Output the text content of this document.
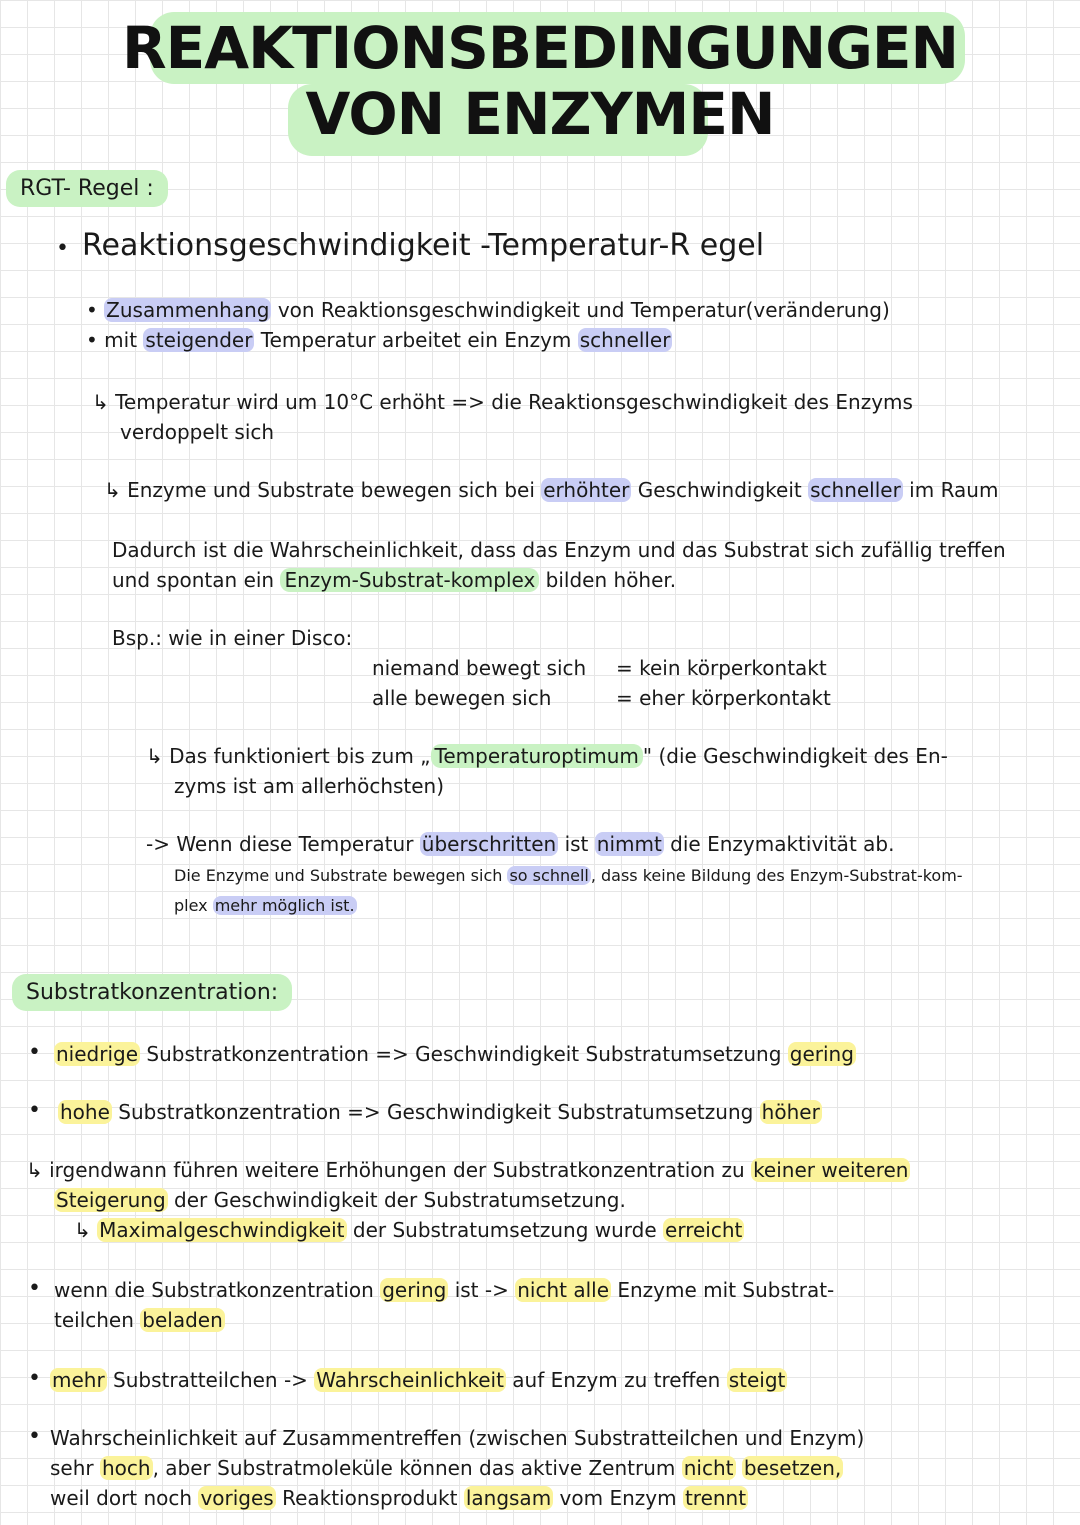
REAKTIONSBEDINGUNGEN
VON ENZYMEN
RGT- Regel :
• Reaktionsgeschwindigkeit -Temperatur-R egel
• Zusammenhang von Reaktionsgeschwindigkeit und Temperatur(veränderung)
• mit steigender Temperatur arbeitet ein Enzym schneller
↳ Temperatur wird um 10°C erhöht => die Reaktionsgeschwindigkeit des Enzyms
verdoppelt sich
↳ Enzyme und Substrate bewegen sich bei erhöhter Geschwindigkeit schneller im Raum
Dadurch ist die Wahrscheinlichkeit, dass das Enzym und das Substrat sich zufällig treffen
und spontan ein Enzym-Substrat-komplex bilden höher.
Bsp.: wie in einer Disco:
niemand bewegt sich = kein körperkontakt
alle bewegen sich	= eher körperkontakt
↳ Das funktioniert bis zum „ Temperaturoptimum " (die Geschwindigkeit des En-
zyms ist am allerhöchsten)
-> Wenn diese Temperatur überschritten ist nimmt die Enzymaktivität ab.
Die Enzyme und Substrate bewegen sich so schnell , dass keine Bildung des Enzym-Substrat-kom-
plex mehr möglich ist.
Substratkonzentration:
• niedrige Substratkonzentration => Geschwindigkeit Substratumsetzung gering
• hohe Substratkonzentration => Geschwindigkeit Substratumsetzung höher
↳ irgendwann führen weitere Erhöhungen der Substratkonzentration zu keiner weiteren
Steigerung der Geschwindigkeit der Substratumsetzung.
↳ Maximalgeschwindigkeit der Substratumsetzung wurde erreicht
• wenn die Substratkonzentration gering ist -> nicht alle Enzyme mit Substrat-
teilchen beladen
• mehr Substratteilchen -> Wahrscheinlichkeit auf Enzym zu treffen steigt
• Wahrscheinlichkeit auf Zusammentreffen (zwischen Substratteilchen und Enzym)
sehr hoch , aber Substratmoleküle können das aktive Zentrum nicht besetzen,
weil dort noch voriges Reaktionsprodukt langsam vom Enzym trennt
